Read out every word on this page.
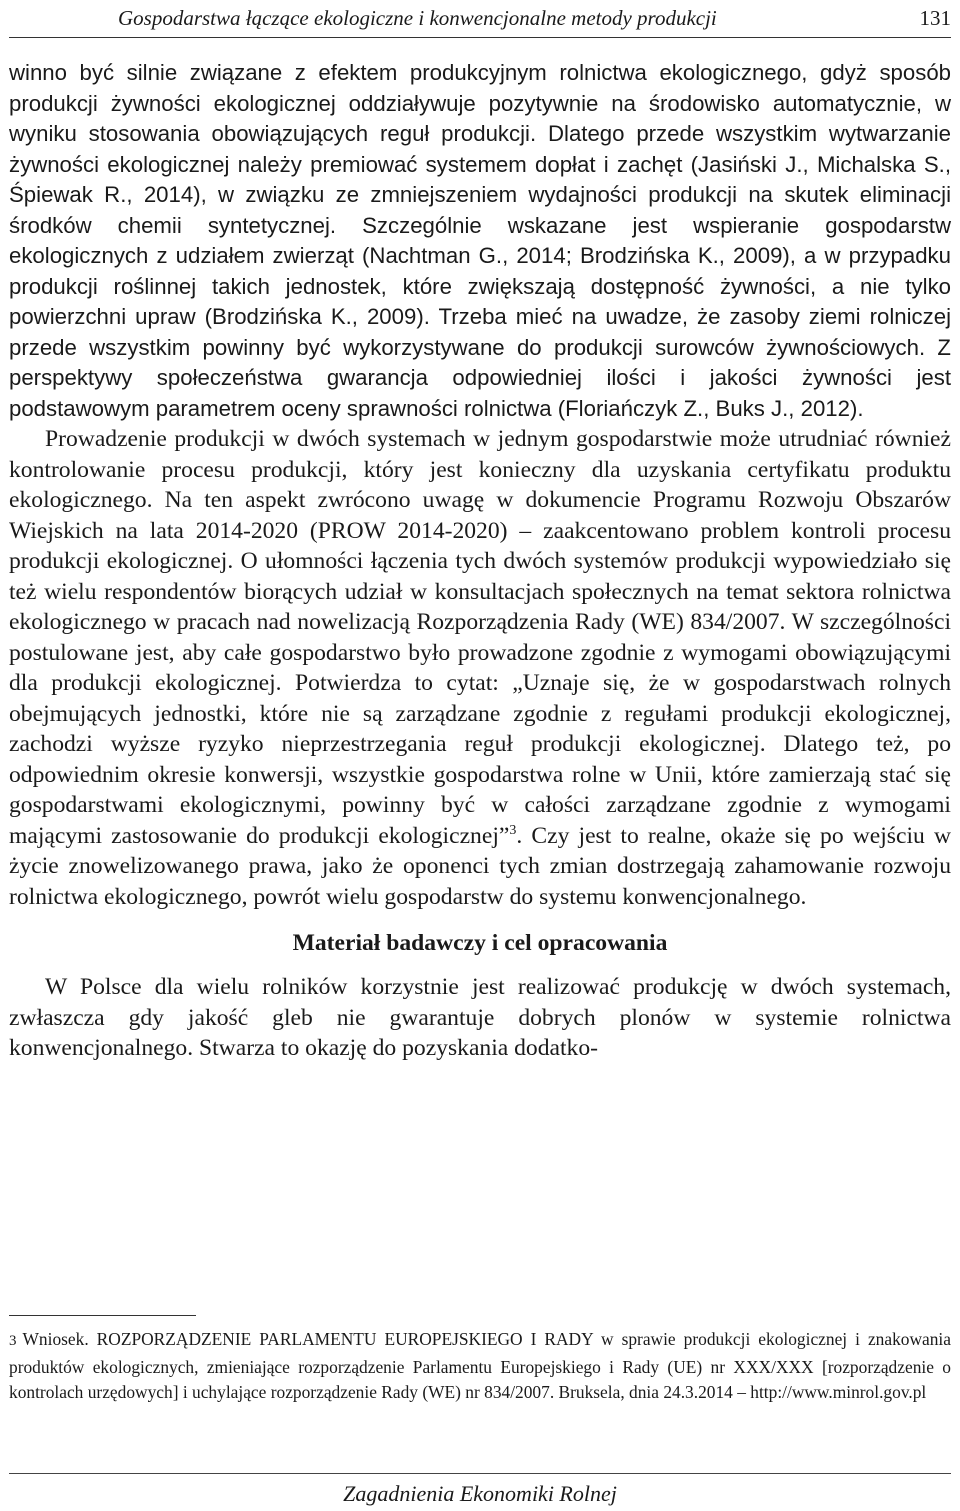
Gospodarstwa łączące ekologiczne i konwencjonalne metody produkcji	131

winno być silnie związane z efektem produkcyjnym rolnictwa ekologicznego, gdyż sposób produkcji żywności ekologicznej oddziaływuje pozytywnie na środowisko automatycznie, w wyniku stosowania obowiązujących reguł produkcji. Dlatego przede wszystkim wytwarzanie żywności ekologicznej należy premiować systemem dopłat i zachęt (Jasiński J., Michalska S., Śpiewak R., 2014), w związku ze zmniejszeniem wydajności produkcji na skutek eliminacji środków chemii syntetycznej. Szczególnie wskazane jest wspieranie gospodarstw ekologicznych z udziałem zwierząt (Nachtman G., 2014; Brodzińska K., 2009), a w przypadku produkcji roślinnej takich jednostek, które zwiększają dostępność żywności, a nie tylko powierzchni upraw (Brodzińska K., 2009). Trzeba mieć na uwadze, że zasoby ziemi rolniczej przede wszystkim powinny być wykorzystywane do produkcji surowców żywnościowych. Z perspektywy społeczeństwa gwarancja odpowiedniej ilości i jakości żywności jest podstawowym parametrem oceny sprawności rolnictwa (Floriańczyk Z., Buks J., 2012).

Prowadzenie produkcji w dwóch systemach w jednym gospodarstwie może utrudniać również kontrolowanie procesu produkcji, który jest konieczny dla uzyskania certyfikatu produktu ekologicznego. Na ten aspekt zwrócono uwagę w dokumencie Programu Rozwoju Obszarów Wiejskich na lata 2014-2020 (PROW 2014-2020) – zaakcentowano problem kontroli procesu produkcji ekologicznej. O ułomności łączenia tych dwóch systemów produkcji wypowiedziało się też wielu respondentów biorących udział w konsultacjach społecznych na temat sektora rolnictwa ekologicznego w pracach nad nowelizacją Rozporządzenia Rady (WE) 834/2007. W szczególności postulowane jest, aby całe gospodarstwo było prowadzone zgodnie z wymogami obowiązującymi dla produkcji ekologicznej. Potwierdza to cytat: „Uznaje się, że w gospodarstwach rolnych obejmujących jednostki, które nie są zarządzane zgodnie z regułami produkcji ekologicznej, zachodzi wyższe ryzyko nieprzestrzegania reguł produkcji ekologicznej. Dlatego też, po odpowiednim okresie konwersji, wszystkie gospodarstwa rolne w Unii, które zamierzają stać się gospodarstwami ekologicznymi, powinny być w całości zarządzane zgodnie z wymogami mającymi zastosowanie do produkcji ekologicznej”$^3$. Czy jest to realne, okaże się po wejściu w życie znowelizowanego prawa, jako że oponenci tych zmian dostrzegają zahamowanie rozwoju rolnictwa ekologicznego, powrót wielu gospodarstw do systemu konwencjonalnego.

Materiał badawczy i cel opracowania

W Polsce dla wielu rolników korzystnie jest realizować produkcję w dwóch systemach, zwłaszcza gdy jakość gleb nie gwarantuje dobrych plonów w systemie rolnictwa konwencjonalnego. Stwarza to okazję do pozyskania dodatko-

3 Wniosek. ROZPORZĄDZENIE PARLAMENTU EUROPEJSKIEGO I RADY w sprawie produkcji ekologicznej i znakowania produktów ekologicznych, zmieniające rozporządzenie Parlamentu Europejskiego i Rady (UE) nr XXX/XXX [rozporządzenie o kontrolach urzędowych] i uchylające rozporządzenie Rady (WE) nr 834/2007. Bruksela, dnia 24.3.2014 – http://www.minrol.gov.pl
Zagadnienia Ekonomiki Rolnej
